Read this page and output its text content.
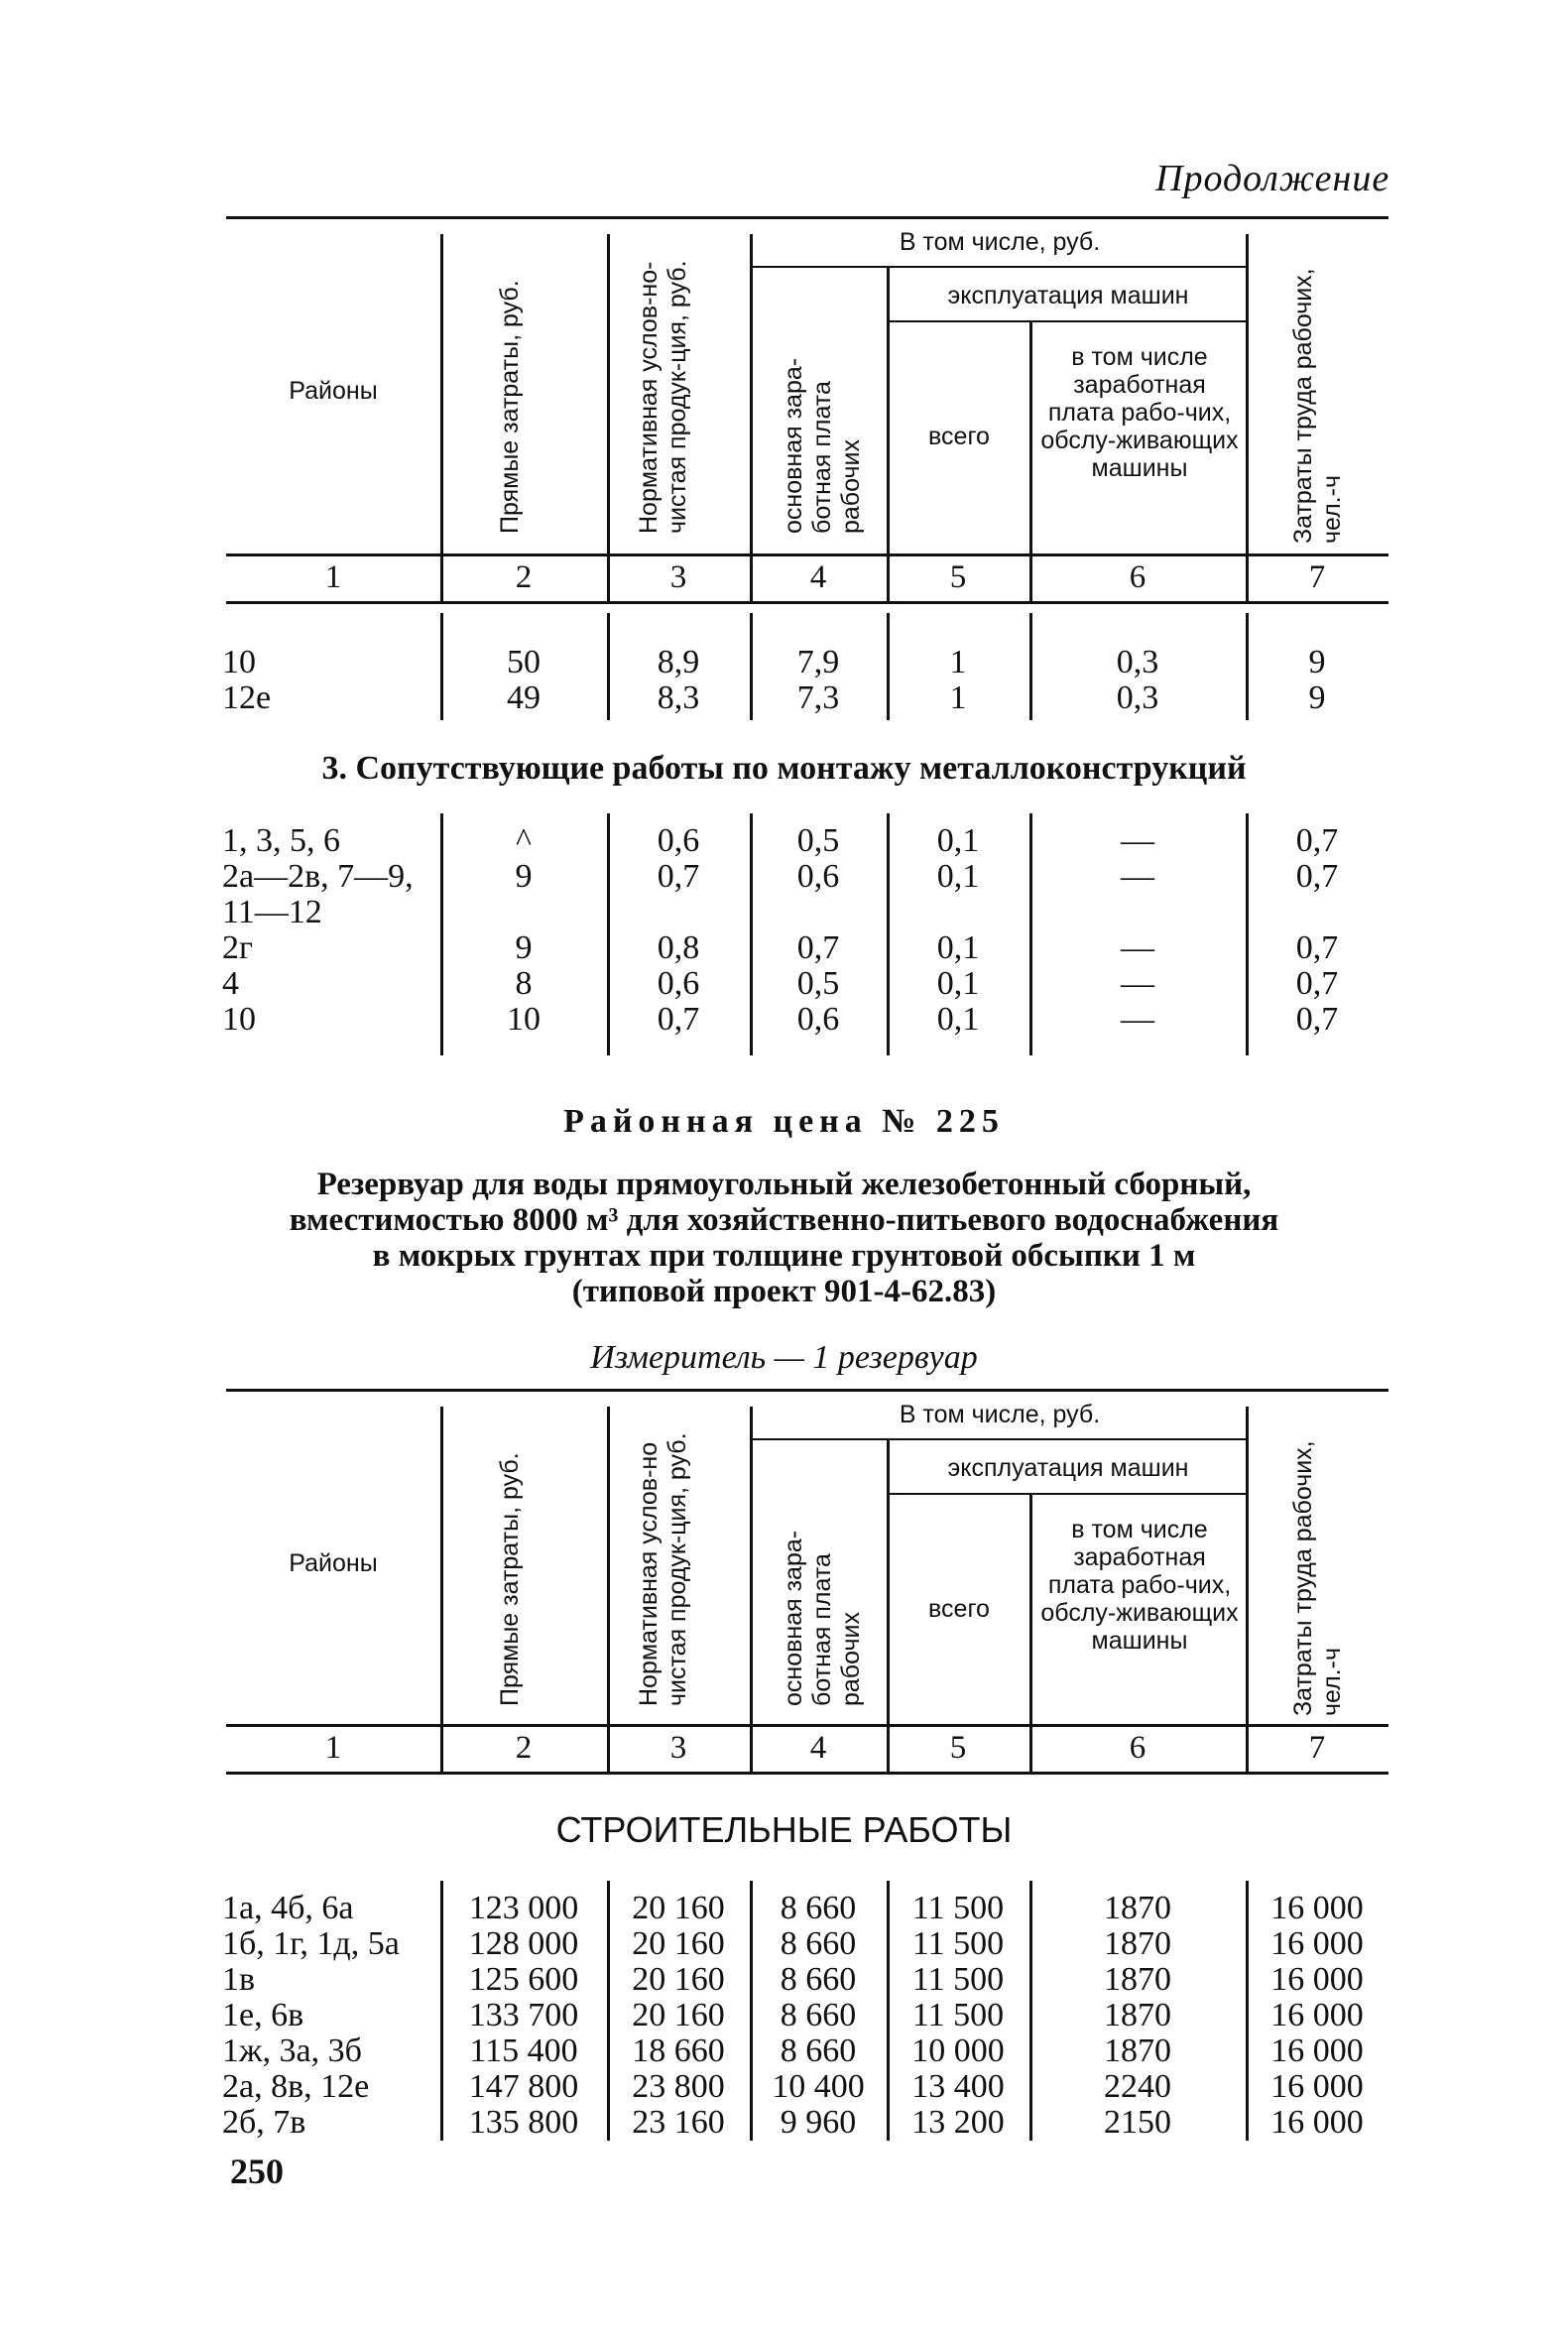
Продолжение
Районы	Прямые затраты, руб.	Нормативная услов-но-чистая продук-ция, руб.
В том числе, руб.
основная зара-ботная плата рабочих
эксплуатация машин
всего
в том числе заработная плата рабо-чих, обслу-живающих машины	Затраты труда рабочих, чел.-ч
1	2	3	4	5	6	7
10	50	8,9	7,9	1	0,3	9
12е	49	8,3	7,3	1	0,3	9
3. Сопутствующие работы по монтажу металлоконструкций
1, 3, 5, 6	^	0,6	0,5	0,1	—	0,7
2а—2в, 7—9,	9	0,7	0,6	0,1	—	0,7
11—12
2г	9	0,8	0,7	0,1	—	0,7
4	8	0,6	0,5	0,1	—	0,7
10	10	0,7	0,6	0,1	—	0,7
Районная цена № 225
Резервуар для воды прямоугольный железобетонный сборный,
вместимостью 8000 м³ для хозяйственно-питьевого водоснабжения
в мокрых грунтах при толщине грунтовой обсыпки 1 м
(типовой проект 901-4-62.83)
Измеритель — 1 резервуар
Районы	Прямые затраты, руб.	Нормативная услов-но чистая продук-ция, руб.
В том числе, руб.
основная зара-ботная плата рабочих
эксплуатация машин
всего
в том числе заработная плата рабо-чих, обслу-живающих машины	Затраты труда рабочих, чел.-ч
1	2	3	4	5	6	7
СТРОИТЕЛЬНЫЕ РАБОТЫ
1а, 4б, 6а	123 000	20 160	8 660	11 500	1870	16 000
1б, 1г, 1д, 5а	128 000	20 160	8 660	11 500	1870	16 000
1в	125 600	20 160	8 660	11 500	1870	16 000
1е, 6в	133 700	20 160	8 660	11 500	1870	16 000
1ж, 3а, 3б	115 400	18 660	8 660	10 000	1870	16 000
2а, 8в, 12е	147 800	23 800	10 400	13 400	2240	16 000
2б, 7в	135 800	23 160	9 960	13 200	2150	16 000
250
